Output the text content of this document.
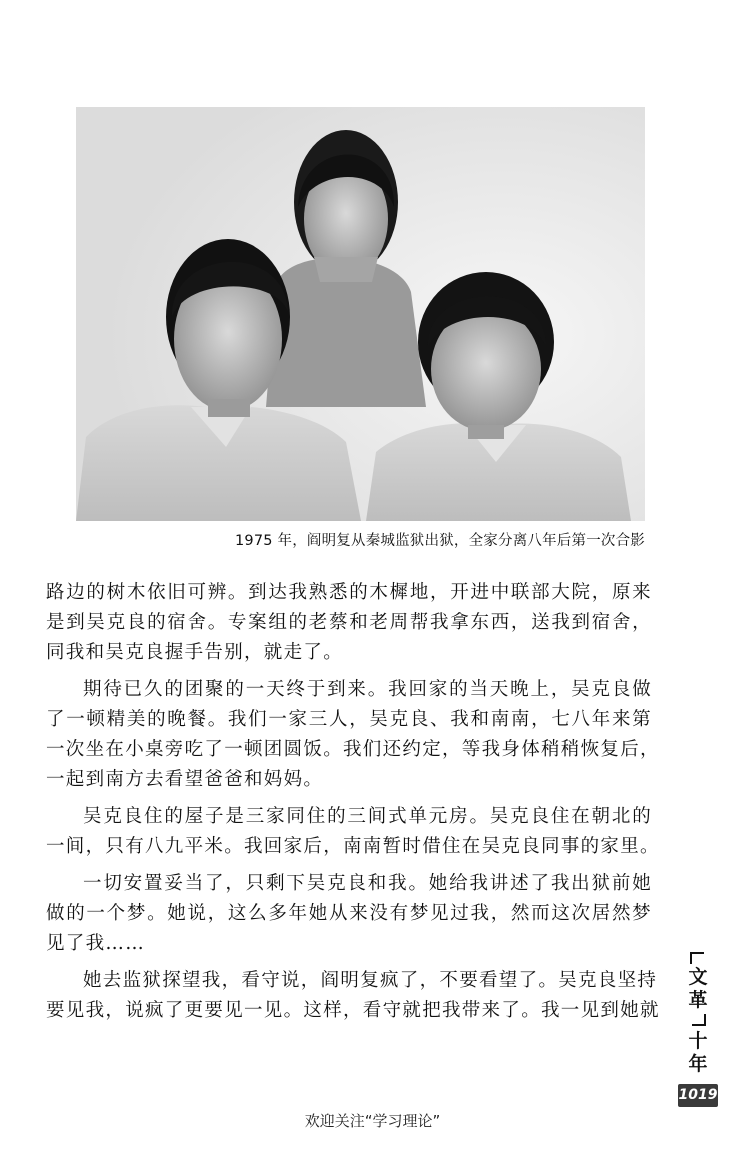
1975 年，阎明复从秦城监狱出狱，全家分离八年后第一次合影

路边的树木依旧可辨。到达我熟悉的木樨地，开进中联部大院，原来
是到吴克良的宿舍。专案组的老蔡和老周帮我拿东西，送我到宿舍，
同我和吴克良握手告别，就走了。

期待已久的团聚的一天终于到来。我回家的当天晚上，吴克良做
了一顿精美的晚餐。我们一家三人，吴克良、我和南南，七八年来第
一次坐在小桌旁吃了一顿团圆饭。我们还约定，等我身体稍稍恢复后，
一起到南方去看望爸爸和妈妈。

吴克良住的屋子是三家同住的三间式单元房。吴克良住在朝北的
一间，只有八九平米。我回家后，南南暂时借住在吴克良同事的家里。

一切安置妥当了，只剩下吴克良和我。她给我讲述了我出狱前她
做的一个梦。她说，这么多年她从来没有梦见过我，然而这次居然梦
见了我……

她去监狱探望我，看守说，阎明复疯了，不要看望了。吴克良坚持
要见我，说疯了更要见一见。这样，看守就把我带来了。我一见到她就

文
革
十
年
1019
欢迎关注“学习理论”
